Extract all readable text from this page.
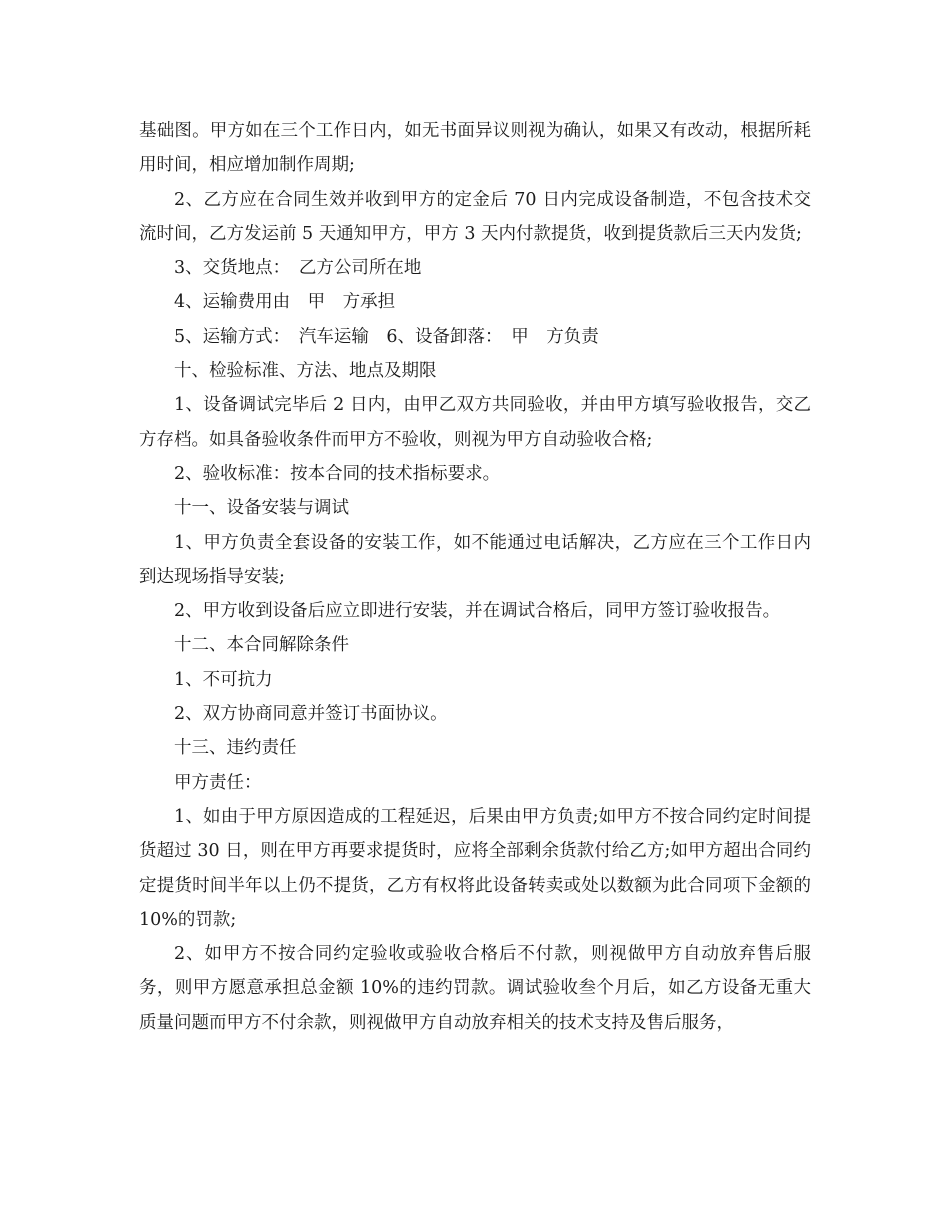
基础图。甲方如在三个工作日内，如无书面异议则视为确认，如果又有改动，根据所耗用时间，相应增加制作周期;

2、乙方应在合同生效并收到甲方的定金后 70 日内完成设备制造，不包含技术交流时间，乙方发运前 5 天通知甲方，甲方 3 天内付款提货，收到提货款后三天内发货;

3、交货地点：　乙方公司所在地

4、运输费用由　甲　方承担

5、运输方式：　汽车运输　6、设备卸落：　甲　方负责

十、检验标准、方法、地点及期限

1、设备调试完毕后 2 日内，由甲乙双方共同验收，并由甲方填写验收报告，交乙方存档。如具备验收条件而甲方不验收，则视为甲方自动验收合格;

2、验收标准：按本合同的技术指标要求。

十一、设备安装与调试

1、甲方负责全套设备的安装工作，如不能通过电话解决，乙方应在三个工作日内到达现场指导安装;

2、甲方收到设备后应立即进行安装，并在调试合格后，同甲方签订验收报告。

十二、本合同解除条件

1、不可抗力

2、双方协商同意并签订书面协议。

十三、违约责任

甲方责任：

1、如由于甲方原因造成的工程延迟，后果由甲方负责;如甲方不按合同约定时间提货超过 30 日，则在甲方再要求提货时，应将全部剩余货款付给乙方;如甲方超出合同约定提货时间半年以上仍不提货，乙方有权将此设备转卖或处以数额为此合同项下金额的 10%的罚款;

2、如甲方不按合同约定验收或验收合格后不付款，则视做甲方自动放弃售后服务，则甲方愿意承担总金额 10%的违约罚款。调试验收叁个月后，如乙方设备无重大质量问题而甲方不付余款，则视做甲方自动放弃相关的技术支持及售后服务，
